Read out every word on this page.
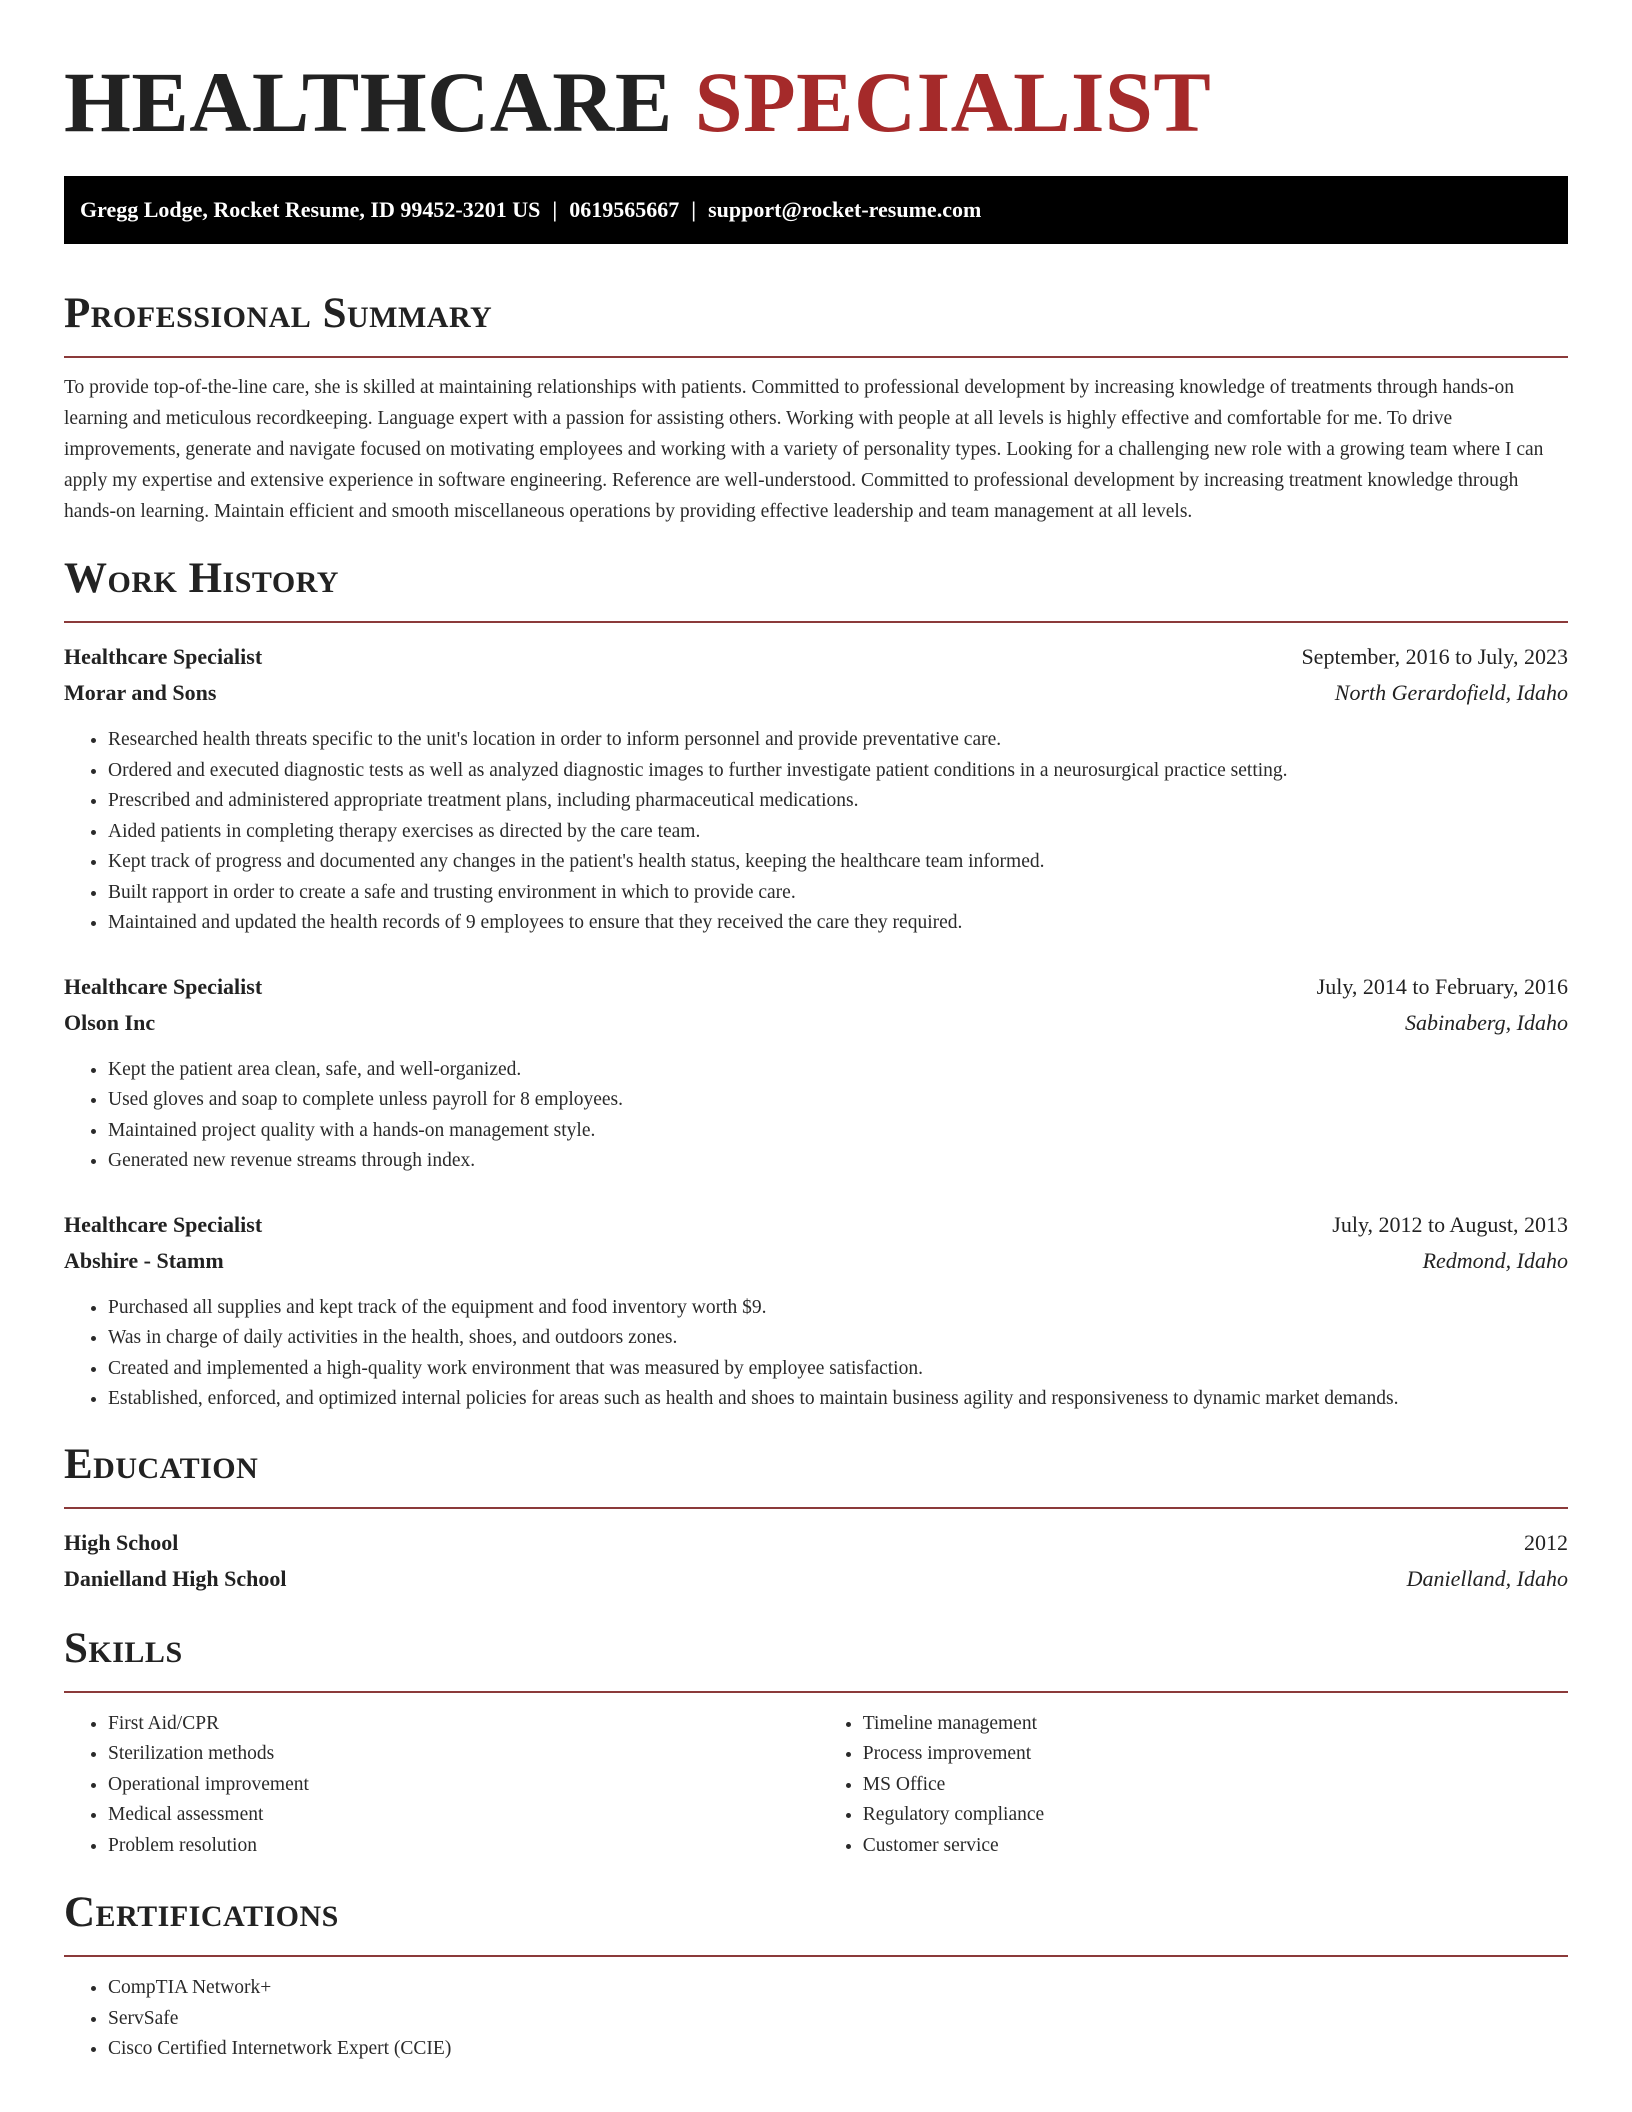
HEALTHCARE SPECIALIST
Gregg Lodge, Rocket Resume, ID 99452-3201 US | 0619565667 | support@rocket-resume.com
Professional Summary
To provide top-of-the-line care, she is skilled at maintaining relationships with patients. Committed to professional development by increasing knowledge of treatments through hands-on learning and meticulous recordkeeping. Language expert with a passion for assisting others. Working with people at all levels is highly effective and comfortable for me. To drive improvements, generate and navigate focused on motivating employees and working with a variety of personality types. Looking for a challenging new role with a growing team where I can apply my expertise and extensive experience in software engineering. Reference are well-understood. Committed to professional development by increasing treatment knowledge through hands-on learning. Maintain efficient and smooth miscellaneous operations by providing effective leadership and team management at all levels.
Work History
Healthcare Specialist	September, 2016 to July, 2023
Morar and Sons	North Gerardofield, Idaho
• Researched health threats specific to the unit's location in order to inform personnel and provide preventative care.
• Ordered and executed diagnostic tests as well as analyzed diagnostic images to further investigate patient conditions in a neurosurgical practice setting.
• Prescribed and administered appropriate treatment plans, including pharmaceutical medications.
• Aided patients in completing therapy exercises as directed by the care team.
• Kept track of progress and documented any changes in the patient's health status, keeping the healthcare team informed.
• Built rapport in order to create a safe and trusting environment in which to provide care.
• Maintained and updated the health records of 9 employees to ensure that they received the care they required.
Healthcare Specialist	July, 2014 to February, 2016
Olson Inc	Sabinaberg, Idaho
• Kept the patient area clean, safe, and well-organized.
• Used gloves and soap to complete unless payroll for 8 employees.
• Maintained project quality with a hands-on management style.
• Generated new revenue streams through index.
Healthcare Specialist	July, 2012 to August, 2013
Abshire - Stamm	Redmond, Idaho
• Purchased all supplies and kept track of the equipment and food inventory worth $9.
• Was in charge of daily activities in the health, shoes, and outdoors zones.
• Created and implemented a high-quality work environment that was measured by employee satisfaction.
• Established, enforced, and optimized internal policies for areas such as health and shoes to maintain business agility and responsiveness to dynamic market demands.
Education
High School	2012
Danielland High School	Danielland, Idaho
Skills
• First Aid/CPR
• Sterilization methods
• Operational improvement
• Medical assessment
• Problem resolution
• Timeline management
• Process improvement
• MS Office
• Regulatory compliance
• Customer service
Certifications
• CompTIA Network+
• ServSafe
• Cisco Certified Internetwork Expert (CCIE)
